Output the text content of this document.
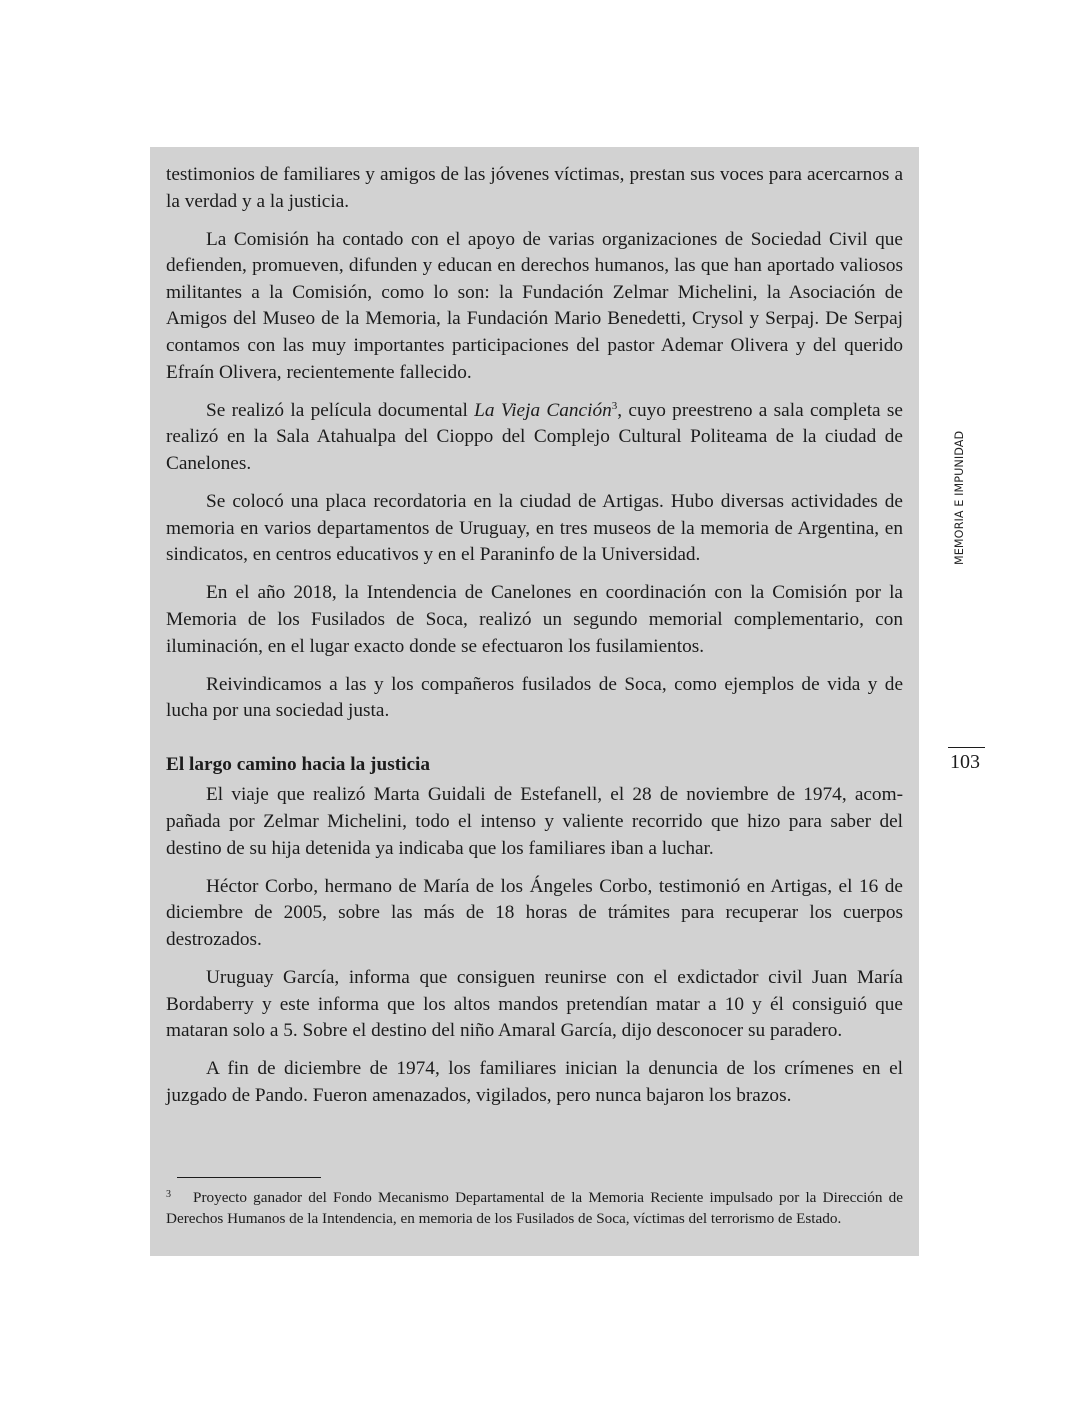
testimonios de familiares y amigos de las jóvenes víctimas, prestan sus voces para acercarnos a la verdad y a la justicia.

La Comisión ha contado con el apoyo de varias organizaciones de Sociedad Civil que defienden, promueven, difunden y educan en derechos humanos, las que han aportado valiosos militantes a la Comisión, como lo son: la Fundación Zelmar Michelini, la Asociación de Amigos del Museo de la Memoria, la Fundación Mario Benedetti, Crysol y Serpaj. De Serpaj contamos con las muy importantes participaciones del pastor Ademar Olivera y del querido Efraín Olivera, recientemente fallecido.

Se realizó la película documental La Vieja Canción$^3$, cuyo preestreno a sala completa se realizó en la Sala Atahualpa del Cioppo del Complejo Cultural Politeama de la ciudad de Canelones.

Se colocó una placa recordatoria en la ciudad de Artigas. Hubo diversas actividades de memoria en varios departamentos de Uruguay, en tres museos de la memoria de Argentina, en sindicatos, en centros educativos y en el Paraninfo de la Universidad.

En el año 2018, la Intendencia de Canelones en coordinación con la Comisión por la Memoria de los Fusilados de Soca, realizó un segundo memorial complementario, con iluminación, en el lugar exacto donde se efectuaron los fusilamientos.

Reivindicamos a las y los compañeros fusilados de Soca, como ejemplos de vida y de lucha por una sociedad justa.

El largo camino hacia la justicia

El viaje que realizó Marta Guidali de Estefanell, el 28 de noviembre de 1974, acompañada por Zelmar Michelini, todo el intenso y valiente recorrido que hizo para saber del destino de su hija detenida ya indicaba que los familiares iban a luchar.

Héctor Corbo, hermano de María de los Ángeles Corbo, testimonió en Artigas, el 16 de diciembre de 2005, sobre las más de 18 horas de trámites para recuperar los cuerpos destrozados.

Uruguay García, informa que consiguen reunirse con el exdictador civil Juan María Bordaberry y este informa que los altos mandos pretendían matar a 10 y él consiguió que mataran solo a 5. Sobre el destino del niño Amaral García, dijo desconocer su paradero.

A fin de diciembre de 1974, los familiares inician la denuncia de los crímenes en el juzgado de Pando. Fueron amenazados, vigilados, pero nunca bajaron los brazos.

$^3$ Proyecto ganador del Fondo Mecanismo Departamental de la Memoria Reciente impulsado por la Dirección de Derechos Humanos de la Intendencia, en memoria de los Fusilados de Soca, víctimas del terrorismo de Estado.
MEMORIA E IMPUNIDAD
103
